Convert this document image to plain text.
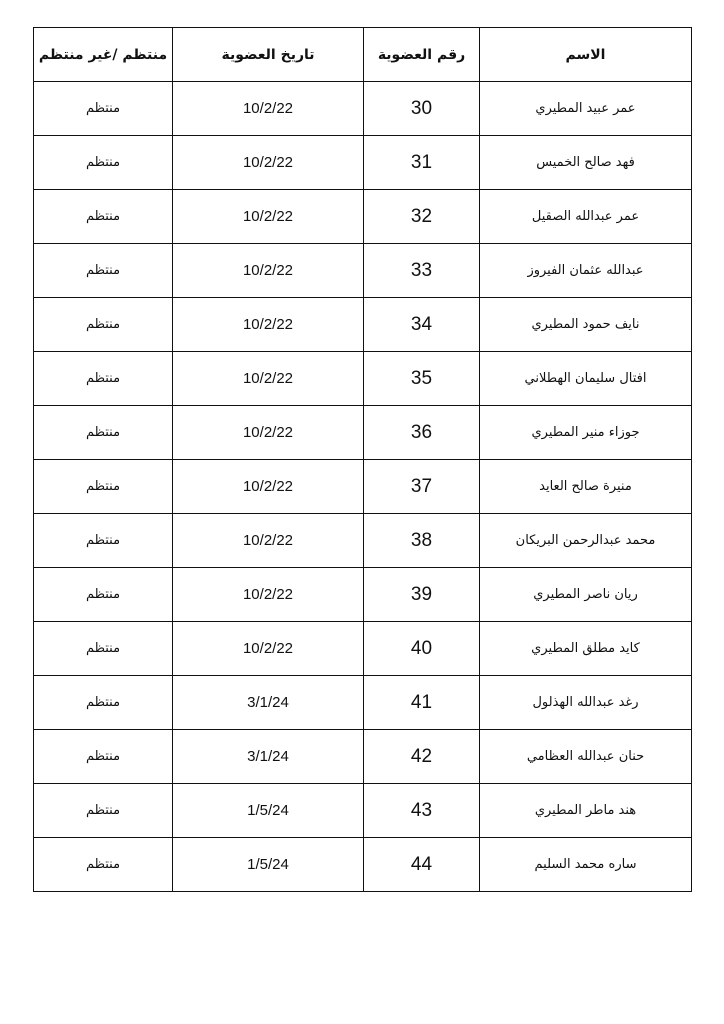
الاسم	رقم العضوية	تاريخ العضوية	منتظم /غير منتظم
عمر عبيد المطيري	30	10/2/22	منتظم
فهد صالح الخميس	31	10/2/22	منتظم
عمر عبدالله الصقيل	32	10/2/22	منتظم
عبدالله عثمان الفيروز	33	10/2/22	منتظم
نايف حمود المطيري	34	10/2/22	منتظم
افتال سليمان الهطلاني	35	10/2/22	منتظم
جوزاء منير المطيري	36	10/2/22	منتظم
منيرة صالح العايد	37	10/2/22	منتظم
محمد عبدالرحمن البريكان	38	10/2/22	منتظم
ريان ناصر المطيري	39	10/2/22	منتظم
كايد مطلق المطيري	40	10/2/22	منتظم
رغد عبدالله الهذلول	41	3/1/24	منتظم
حنان عبدالله العظامي	42	3/1/24	منتظم
هند ماطر المطيري	43	1/5/24	منتظم
ساره محمد السليم	44	1/5/24	منتظم
